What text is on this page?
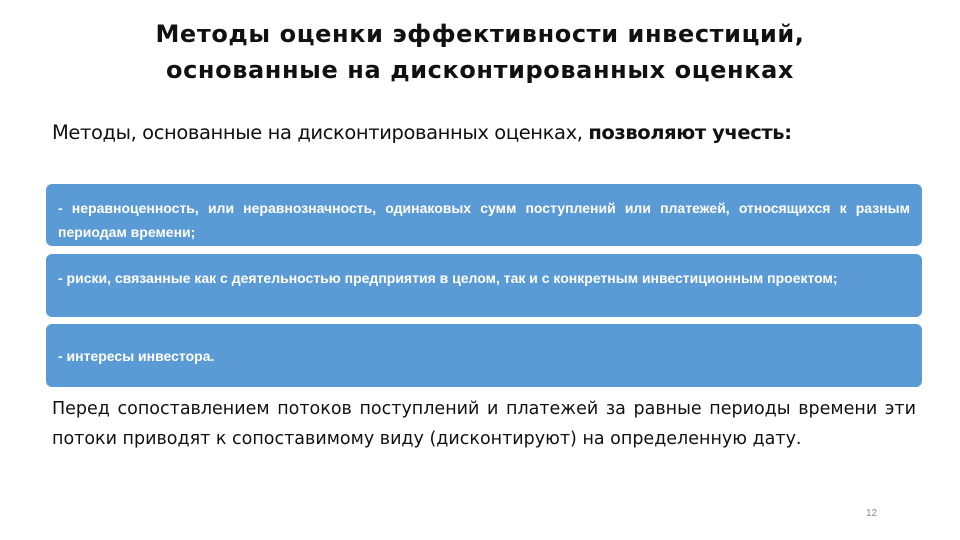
Методы оценки эффективности инвестиций,
основанные на дисконтированных оценках
Методы, основанные на дисконтированных оценках, позволяют учесть:
- неравноценность, или неравнозначность, одинаковых сумм поступлений или платежей, относящихся к разным периодам времени;
- риски, связанные как с деятельностью предприятия в целом, так и с конкретным инвестиционным проектом;
- интересы инвестора.
Перед сопоставлением потоков поступлений и платежей за равные периоды времени эти потоки приводят к сопоставимому виду (дисконтируют) на определенную дату.
12
